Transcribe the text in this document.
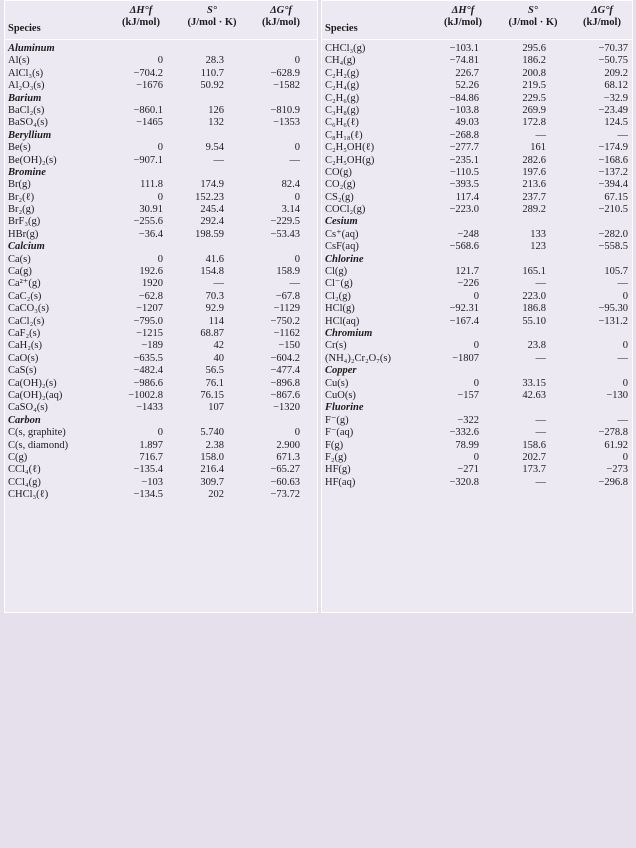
Species
ΔH°f
(kJ/mol)
S°
(J/mol · K)
ΔG°f
(kJ/mol)
Aluminum
Al(s)	0	28.3	0
AlCl₃(s)	−704.2	110.7	−628.9
Al₂O₃(s)	−1676	50.92	−1582
Barium
BaCl₂(s)	−860.1	126	−810.9
BaSO₄(s)	−1465	132	−1353
Beryllium
Be(s)	0	9.54	0
Be(OH)₂(s)	−907.1	—	—
Bromine
Br(g)	111.8	174.9	82.4
Br₂(ℓ)	0	152.23	0
Br₂(g)	30.91	245.4	3.14
BrF₃(g)	−255.6	292.4	−229.5
HBr(g)	−36.4	198.59	−53.43
Calcium
Ca(s)	0	41.6	0
Ca(g)	192.6	154.8	158.9
Ca²⁺(g)	1920	—	—
CaC₂(s)	−62.8	70.3	−67.8
CaCO₃(s)	−1207	92.9	−1129
CaCl₂(s)	−795.0	114	−750.2
CaF₂(s)	−1215	68.87	−1162
CaH₂(s)	−189	42	−150
CaO(s)	−635.5	40	−604.2
CaS(s)	−482.4	56.5	−477.4
Ca(OH)₂(s)	−986.6	76.1	−896.8
Ca(OH)₂(aq)	−1002.8	76.15	−867.6
CaSO₄(s)	−1433	107	−1320
Carbon
C(s, graphite)	0	5.740	0
C(s, diamond)	1.897	2.38	2.900
C(g)	716.7	158.0	671.3
CCl₄(ℓ)	−135.4	216.4	−65.27
CCl₄(g)	−103	309.7	−60.63
CHCl₃(ℓ)	−134.5	202	−73.72
Species
ΔH°f
(kJ/mol)
S°
(J/mol · K)
ΔG°f
(kJ/mol)
CHCl₃(g)	−103.1	295.6	−70.37
CH₄(g)	−74.81	186.2	−50.75
C₂H₂(g)	226.7	200.8	209.2
C₂H₄(g)	52.26	219.5	68.12
C₂H₆(g)	−84.86	229.5	−32.9
C₃H₈(g)	−103.8	269.9	−23.49
C₆H₆(ℓ)	49.03	172.8	124.5
C₈H₁₈(ℓ)	−268.8	—	—
C₂H₅OH(ℓ)	−277.7	161	−174.9
C₂H₅OH(g)	−235.1	282.6	−168.6
CO(g)	−110.5	197.6	−137.2
CO₂(g)	−393.5	213.6	−394.4
CS₂(g)	117.4	237.7	67.15
COCl₂(g)	−223.0	289.2	−210.5
Cesium
Cs⁺(aq)	−248	133	−282.0
CsF(aq)	−568.6	123	−558.5
Chlorine
Cl(g)	121.7	165.1	105.7
Cl⁻(g)	−226	—	—
Cl₂(g)	0	223.0	0
HCl(g)	−92.31	186.8	−95.30
HCl(aq)	−167.4	55.10	−131.2
Chromium
Cr(s)	0	23.8	0
(NH₄)₂Cr₂O₇(s)	−1807	—	—
Copper
Cu(s)	0	33.15	0
CuO(s)	−157	42.63	−130
Fluorine
F⁻(g)	−322	—	—
F⁻(aq)	−332.6	—	−278.8
F(g)	78.99	158.6	61.92
F₂(g)	0	202.7	0
HF(g)	−271	173.7	−273
HF(aq)	−320.8	—	−296.8
